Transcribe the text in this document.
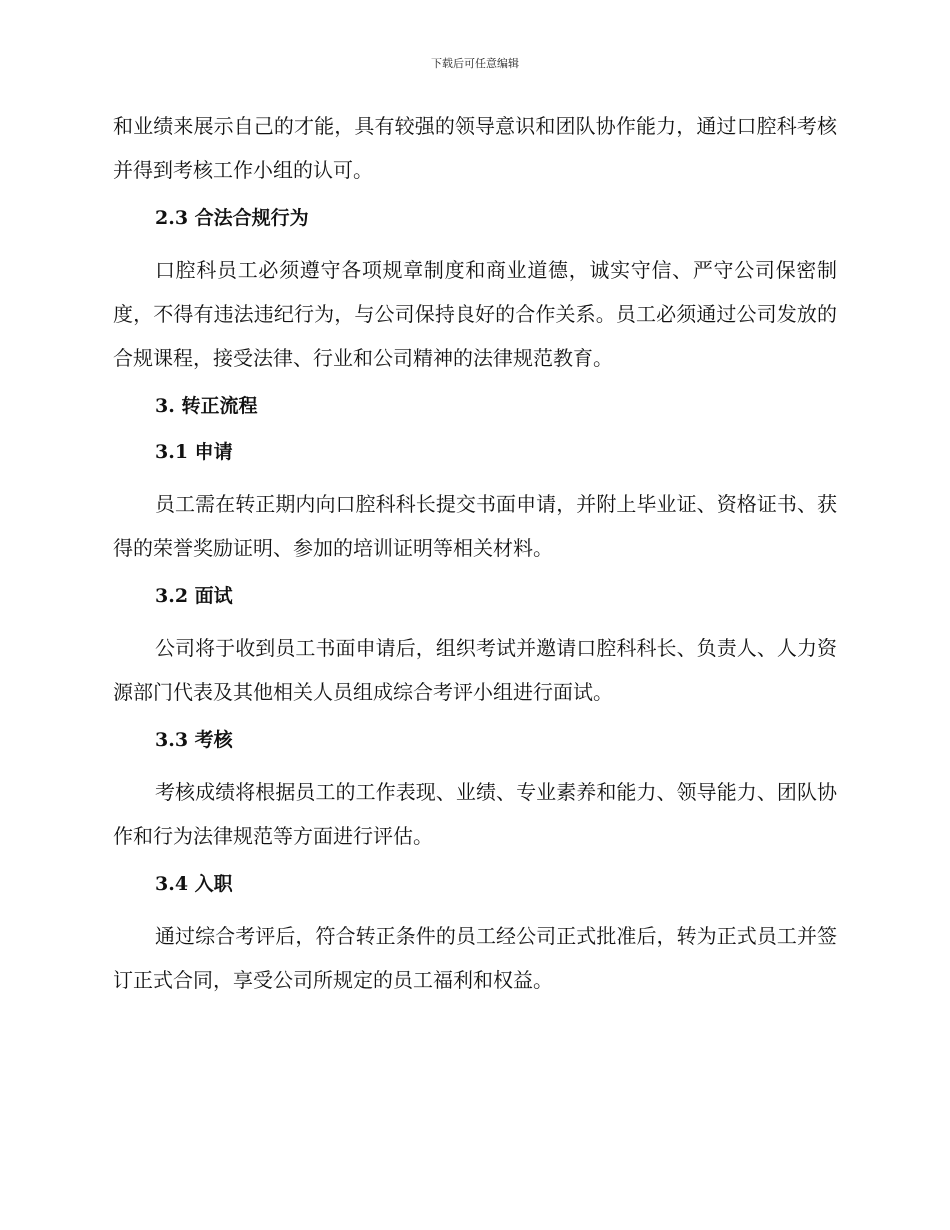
下载后可任意编辑

和业绩来展示自己的才能，具有较强的领导意识和团队协作能力，通过口腔科考核并得到考核工作小组的认可。

2.3 合法合规行为

口腔科员工必须遵守各项规章制度和商业道德，诚实守信、严守公司保密制度，不得有违法违纪行为，与公司保持良好的合作关系。员工必须通过公司发放的合规课程，接受法律、行业和公司精神的法律规范教育。

3. 转正流程
3.1 申请

员工需在转正期内向口腔科科长提交书面申请，并附上毕业证、资格证书、获得的荣誉奖励证明、参加的培训证明等相关材料。

3.2 面试

公司将于收到员工书面申请后，组织考试并邀请口腔科科长、负责人、人力资源部门代表及其他相关人员组成综合考评小组进行面试。

3.3 考核

考核成绩将根据员工的工作表现、业绩、专业素养和能力、领导能力、团队协作和行为法律规范等方面进行评估。

3.4 入职

通过综合考评后，符合转正条件的员工经公司正式批准后，转为正式员工并签订正式合同，享受公司所规定的员工福利和权益。
